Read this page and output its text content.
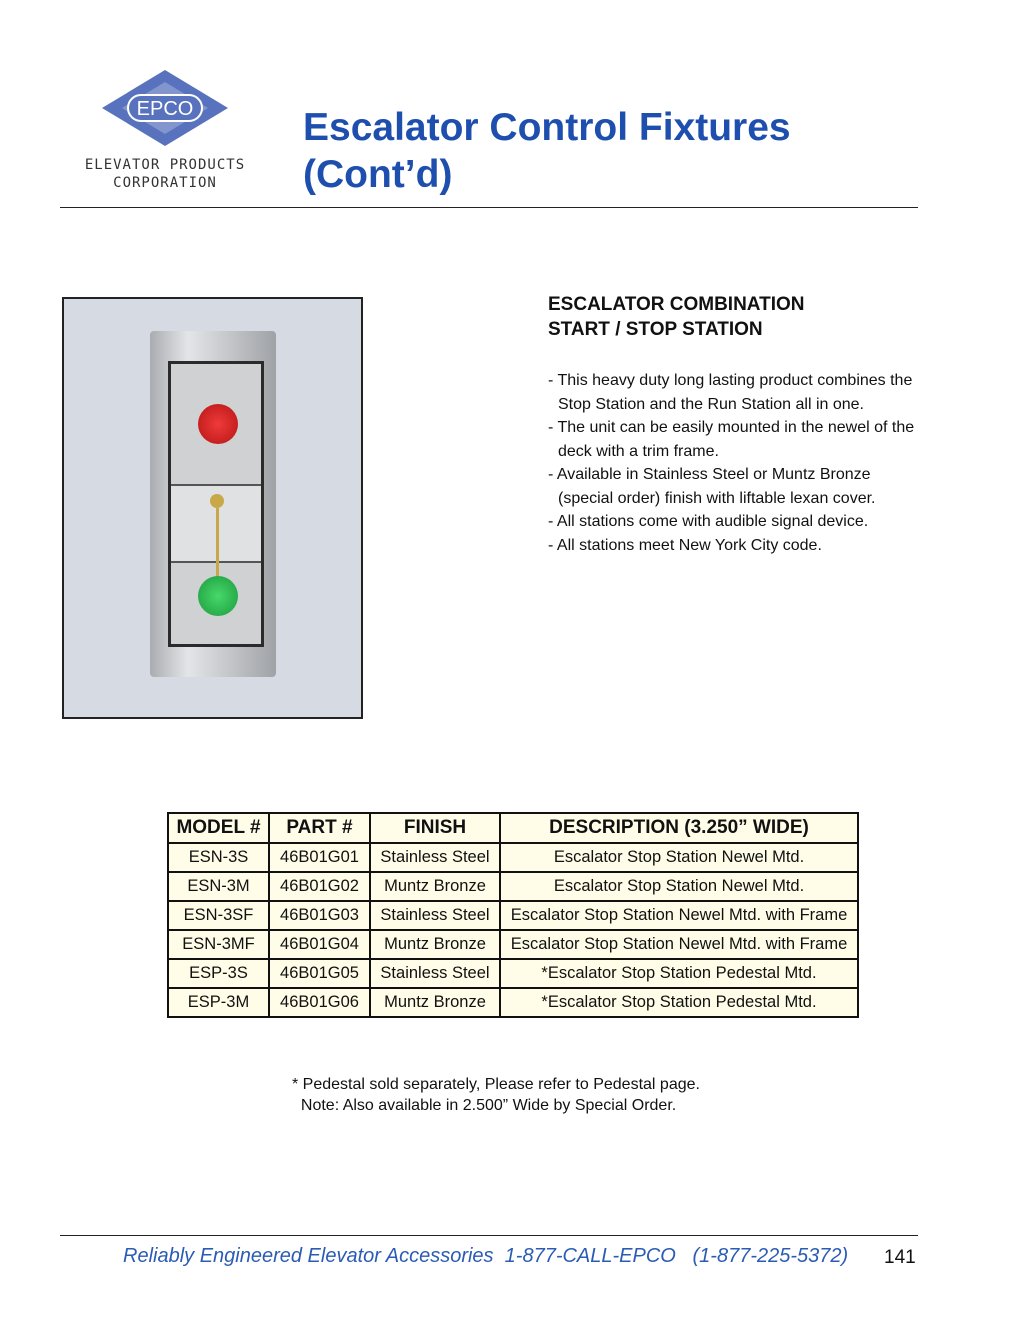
EPCO
ELEVATOR PRODUCTS
CORPORATION
Escalator Control Fixtures
(Cont’d)
ESCALATOR COMBINATION
START / STOP STATION
- This heavy duty long lasting product combines the Stop Station and the Run Station all in one.
- The unit can be easily mounted in the newel of the deck with a trim frame.
- Available in Stainless Steel or Muntz Bronze (special order) finish with liftable lexan cover.
- All stations come with audible signal device.
- All stations meet New York City code.
MODEL #	PART #	FINISH	DESCRIPTION (3.250” WIDE)
ESN-3S	46B01G01	Stainless Steel	Escalator Stop Station Newel Mtd.
ESN-3M	46B01G02	Muntz Bronze	Escalator Stop Station Newel Mtd.
ESN-3SF	46B01G03	Stainless Steel	Escalator Stop Station Newel Mtd. with Frame
ESN-3MF	46B01G04	Muntz Bronze	Escalator Stop Station Newel Mtd. with Frame
ESP-3S	46B01G05	Stainless Steel	*Escalator Stop Station Pedestal Mtd.
ESP-3M	46B01G06	Muntz Bronze	*Escalator Stop Station Pedestal Mtd.
* Pedestal sold separately, Please refer to Pedestal page.
Note: Also available in 2.500” Wide by Special Order.
Reliably Engineered Elevator Accessories  1-877-CALL-EPCO   (1-877-225-5372) 141
